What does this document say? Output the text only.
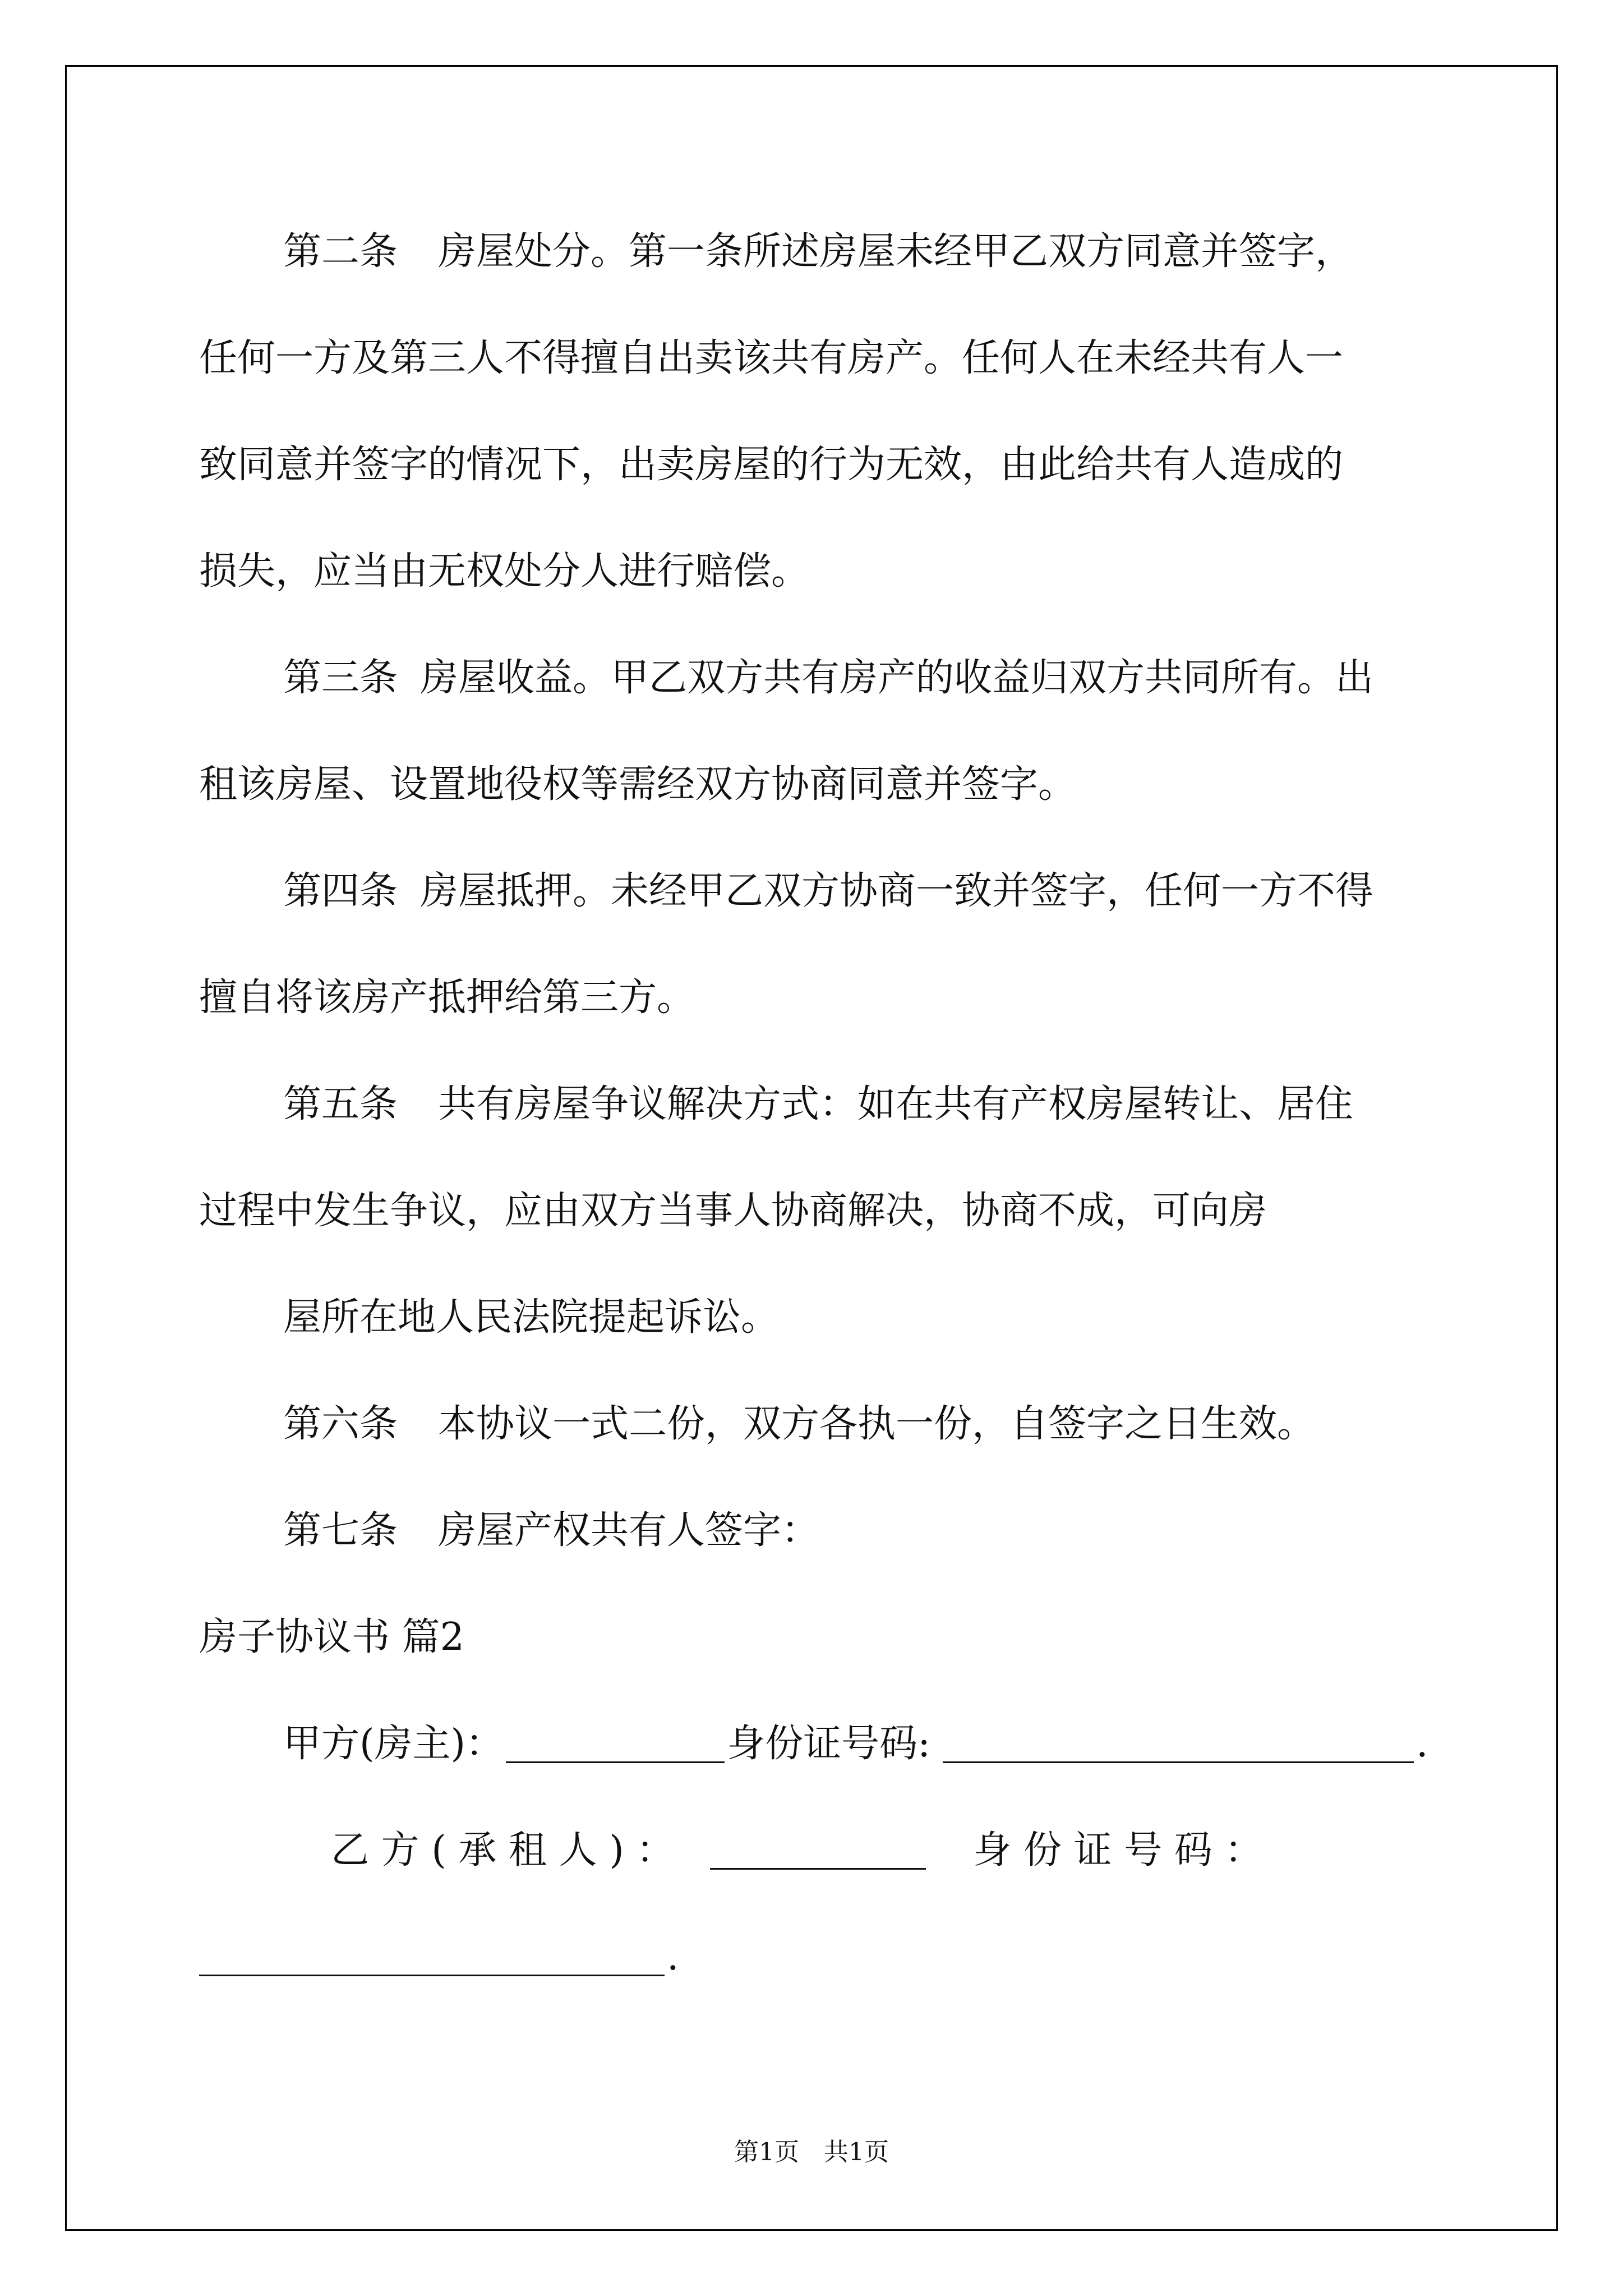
第二条 房屋处分。第一条所述房屋未经甲乙双方同意并签字，
任何一方及第三人不得擅自出卖该共有房产。任何人在未经共有人一
致同意并签字的情况下，出卖房屋的行为无效，由此给共有人造成的
损失，应当由无权处分人进行赔偿。
第三条 房屋收益。甲乙双方共有房产的收益归双方共同所有。出
租该房屋、设置地役权等需经双方协商同意并签字。
第四条 房屋抵押。未经甲乙双方协商一致并签字，任何一方不得
擅自将该房产抵押给第三方。
第五条 共有房屋争议解决方式：如在共有产权房屋转让、居住
过程中发生争议，应由双方当事人协商解决，协商不成，可向房
屋所在地人民法院提起诉讼。
第六条 本协议一式二份，双方各执一份，自签字之日生效。
第七条 房屋产权共有人签字：
房子协议书 篇2
甲方(房主)：	身份证号码:	.
乙 方 ( 承 租 人 ) ：	身 份 证 号 码 ：
.
第1页　共1页
